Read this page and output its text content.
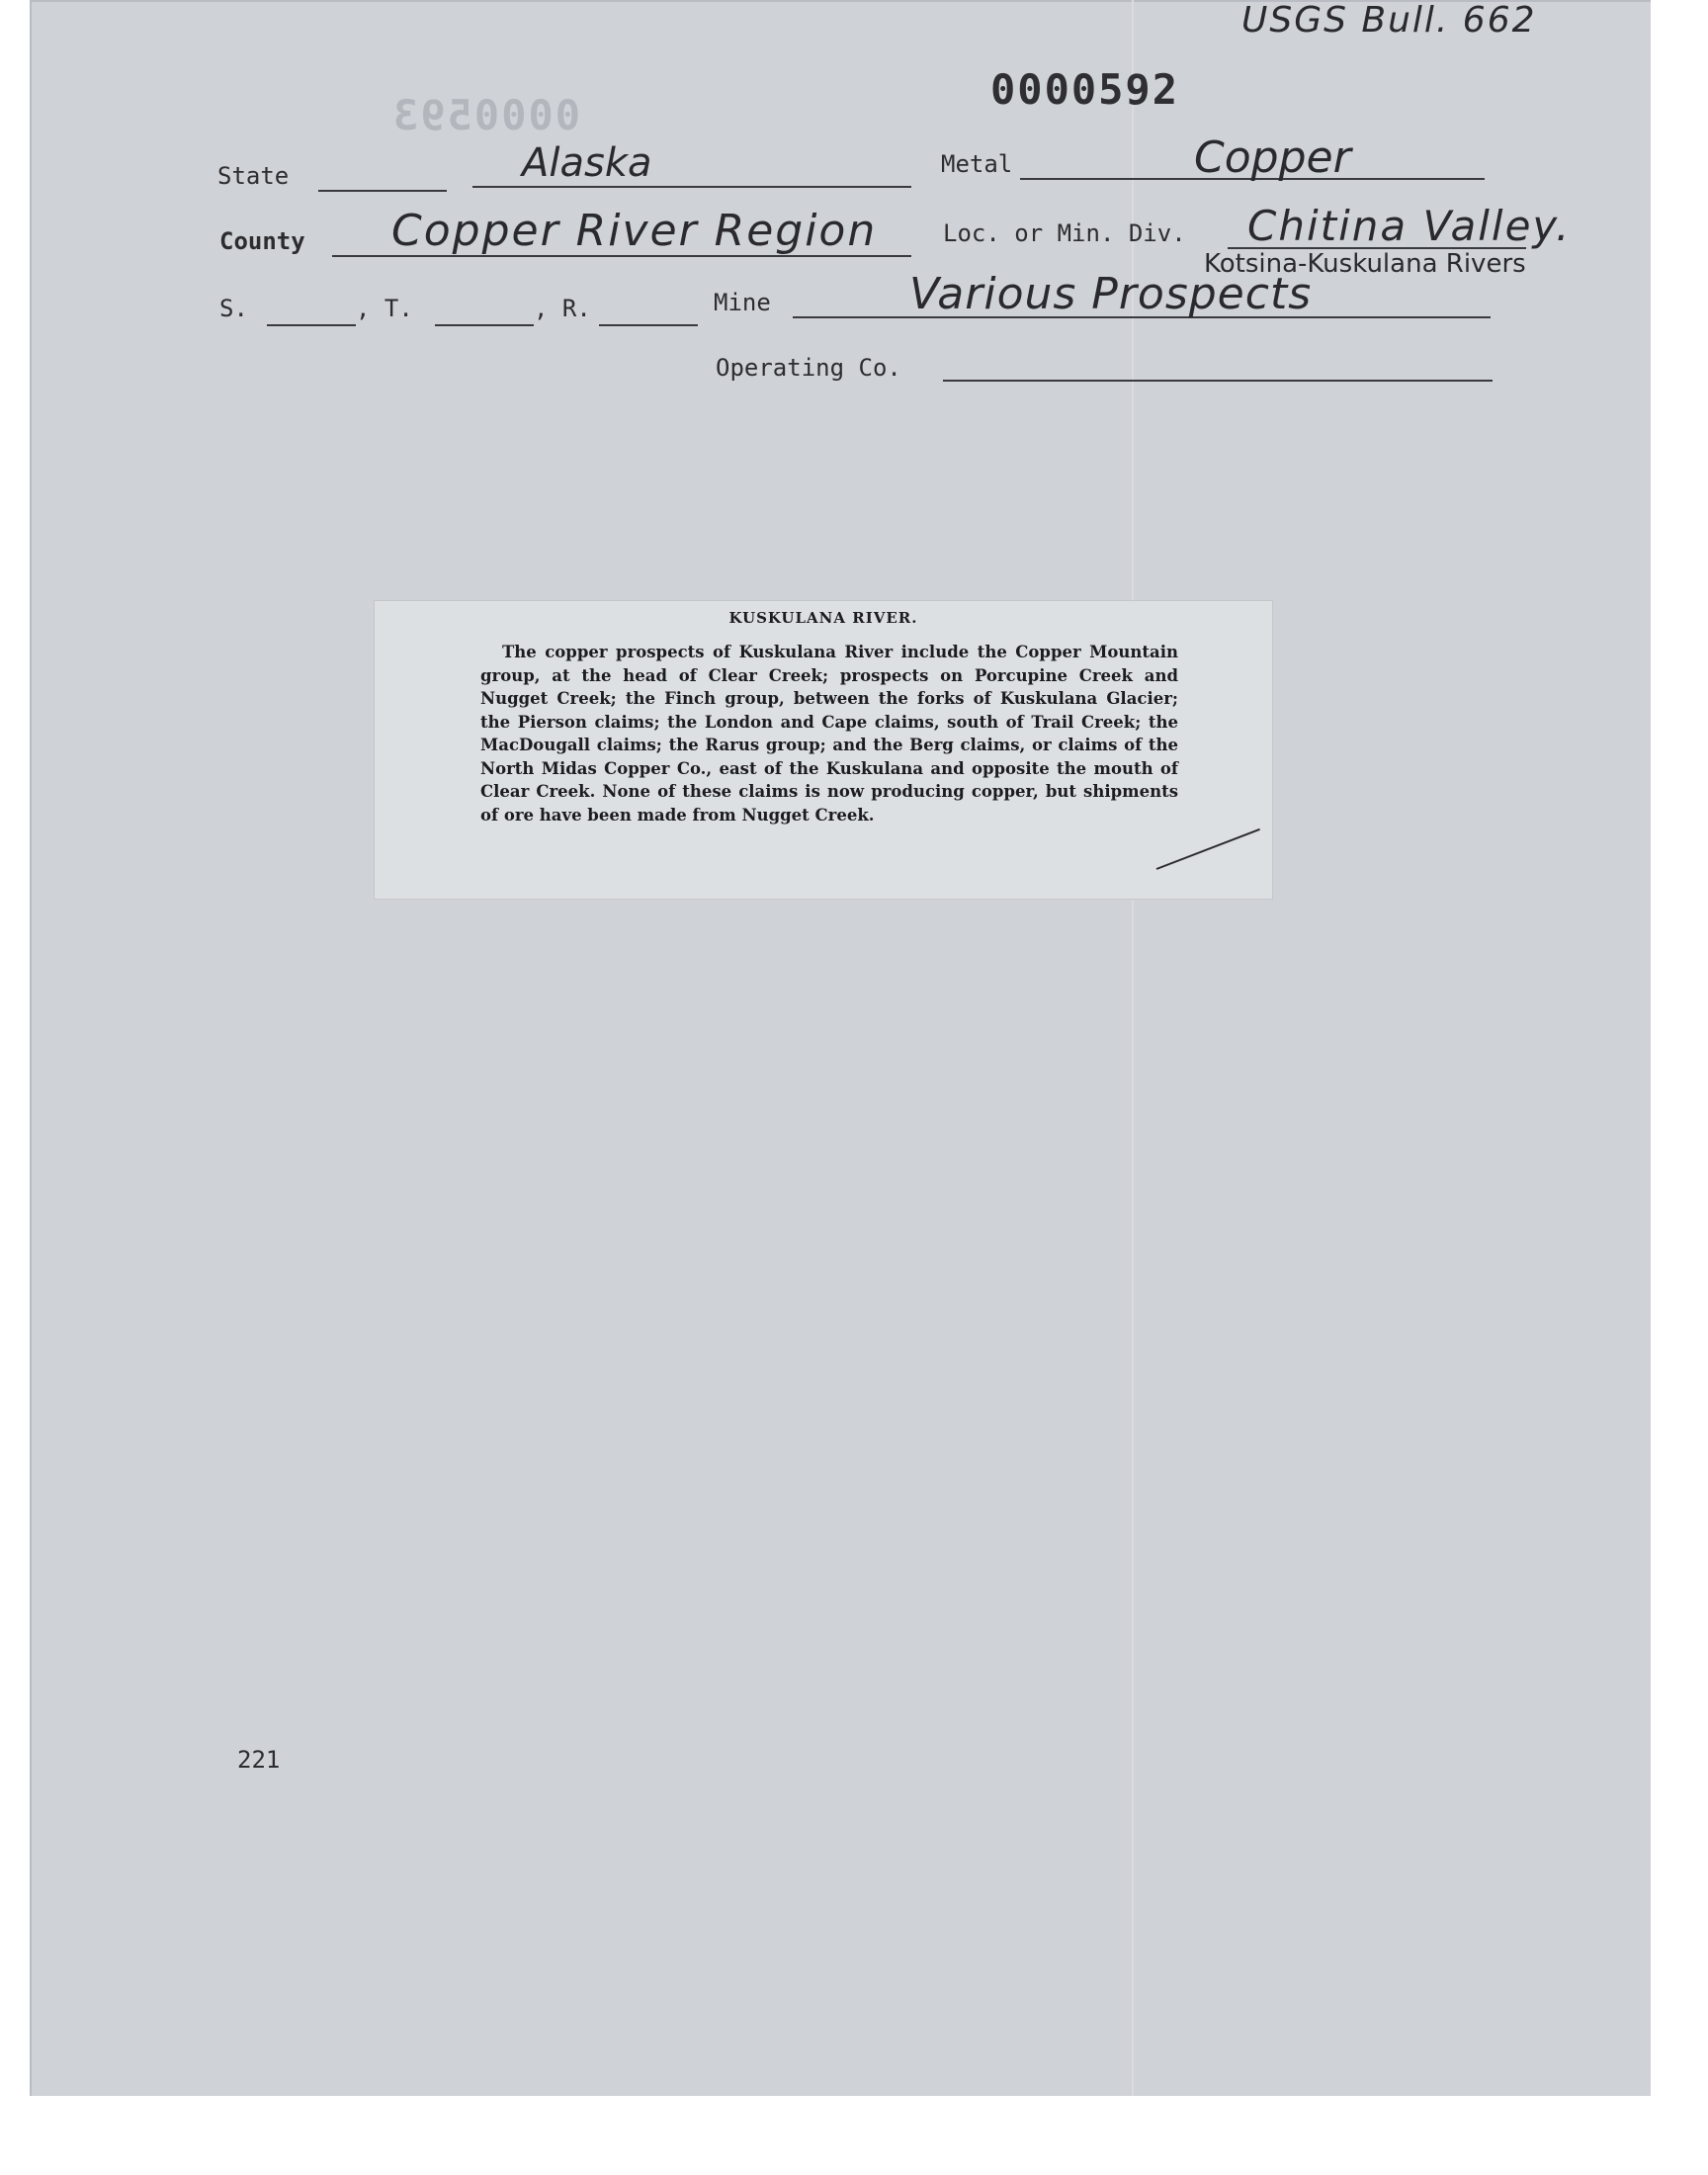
USGS Bull. 662
0000592
0000593
State	Alaska	Metal	Copper
County Copper River Region	Loc. or Min. Div. Chitina Valley.
Kotsina-Kuskulana Rivers
S.	, T.	, R.	Mine	Various Prospects
Operating Co.
KUSKULANA RIVER.
The copper prospects of Kuskulana River include the Copper Mountain group, at the head of Clear Creek; prospects on Porcupine Creek and Nugget Creek; the Finch group, between the forks of Kuskulana Glacier; the Pierson claims; the London and Cape claims, south of Trail Creek; the MacDougall claims; the Rarus group; and the Berg claims, or claims of the North Midas Copper Co., east of the Kuskulana and opposite the mouth of Clear Creek. None of these claims is now producing copper, but shipments of ore have been made from Nugget Creek.
221
